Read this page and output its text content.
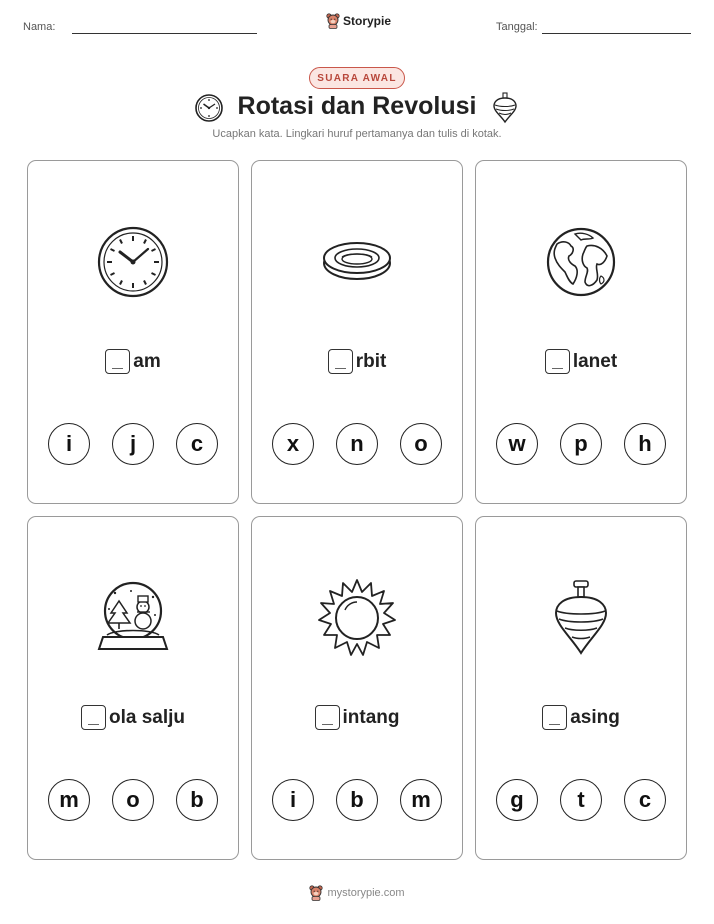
Nama:	Storypie	Tanggal:
SUARA AWAL
Rotasi dan Revolusi
Ucapkan kata. Lingkari huruf pertamanya dan tulis di kotak.
am
i	j	c
rbit
x	n	o
lanet
w	p	h
ola salju
m	o	b
intang
i	b	m
asing
g	t	c
mystorypie.com
